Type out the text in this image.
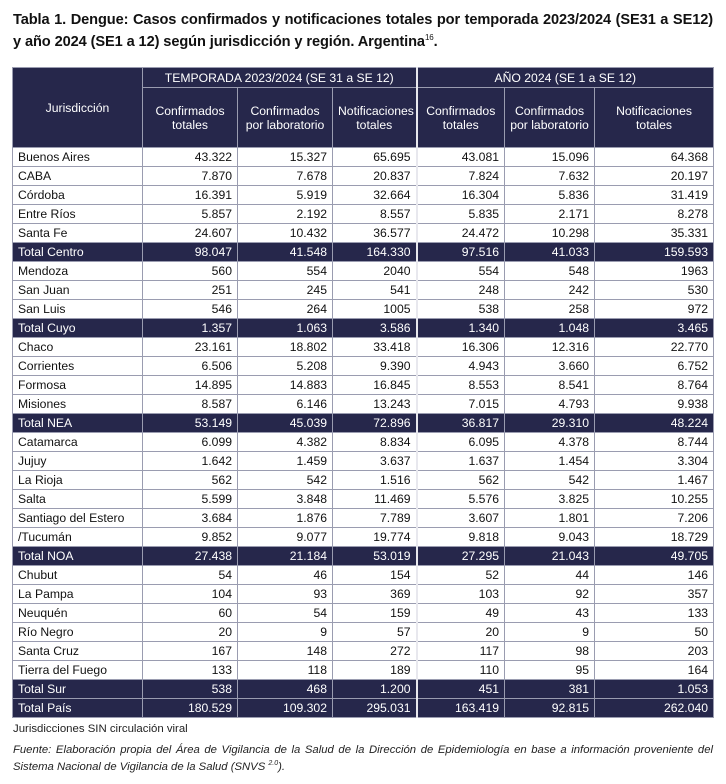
Tabla 1. Dengue: Casos confirmados y notificaciones totales por temporada 2023/2024 (SE31 a SE12) y año 2024 (SE1 a 12) según jurisdicción y región. Argentina$^{16}$.
Jurisdicción	TEMPORADA 2023/2024 (SE 31 a SE 12)			AÑO 2024 (SE 1 a SE 12)		
	Confirmados totales	Confirmados por laboratorio	Notificaciones totales	Confirmados totales	Confirmados por laboratorio	Notificaciones totales
Buenos Aires	43.322	15.327	65.695	43.081	15.096	64.368
CABA	7.870	7.678	20.837	7.824	7.632	20.197
Córdoba	16.391	5.919	32.664	16.304	5.836	31.419
Entre Ríos	5.857	2.192	8.557	5.835	2.171	8.278
Santa Fe	24.607	10.432	36.577	24.472	10.298	35.331
Total Centro	98.047	41.548	164.330	97.516	41.033	159.593
Mendoza	560	554	2040	554	548	1963
San Juan	251	245	541	248	242	530
San Luis	546	264	1005	538	258	972
Total Cuyo	1.357	1.063	3.586	1.340	1.048	3.465
Chaco	23.161	18.802	33.418	16.306	12.316	22.770
Corrientes	6.506	5.208	9.390	4.943	3.660	6.752
Formosa	14.895	14.883	16.845	8.553	8.541	8.764
Misiones	8.587	6.146	13.243	7.015	4.793	9.938
Total NEA	53.149	45.039	72.896	36.817	29.310	48.224
Catamarca	6.099	4.382	8.834	6.095	4.378	8.744
Jujuy	1.642	1.459	3.637	1.637	1.454	3.304
La Rioja	562	542	1.516	562	542	1.467
Salta	5.599	3.848	11.469	5.576	3.825	10.255
Santiago del Estero	3.684	1.876	7.789	3.607	1.801	7.206
/Tucumán	9.852	9.077	19.774	9.818	9.043	18.729
Total NOA	27.438	21.184	53.019	27.295	21.043	49.705
Chubut	54	46	154	52	44	146
La Pampa	104	93	369	103	92	357
Neuquén	60	54	159	49	43	133
Río Negro	20	9	57	20	9	50
Santa Cruz	167	148	272	117	98	203
Tierra del Fuego	133	118	189	110	95	164
Total Sur	538	468	1.200	451	381	1.053
Total País	180.529	109.302	295.031	163.419	92.815	262.040
Jurisdicciones SIN circulación viral
Fuente: Elaboración propia del Área de Vigilancia de la Salud de la Dirección de Epidemiología en base a información proveniente del Sistema Nacional de Vigilancia de la Salud (SNVS $^{2.0}$).
